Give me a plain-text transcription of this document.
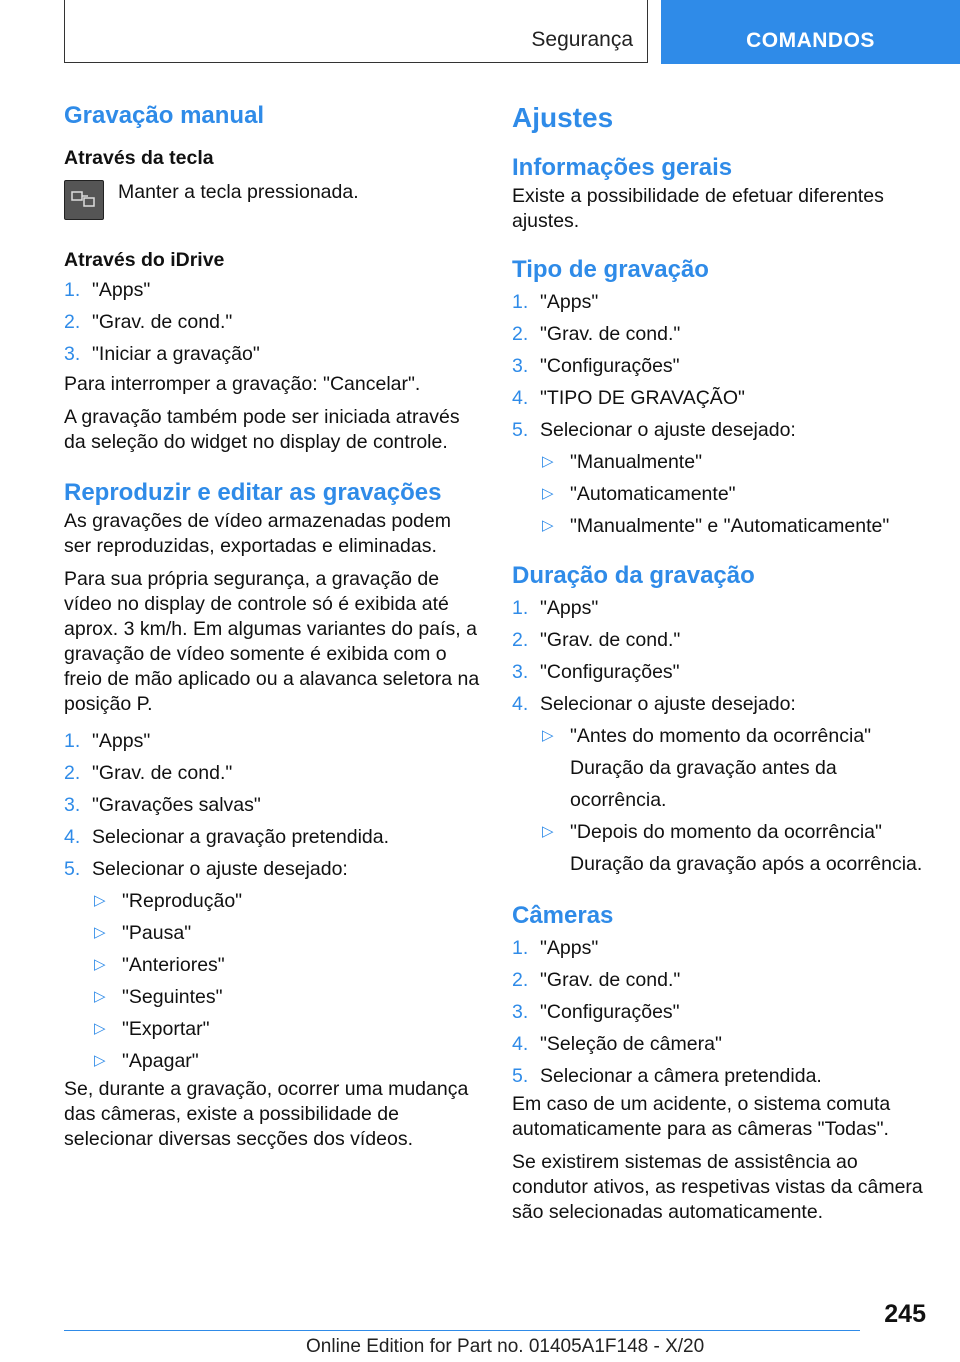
Segurança	COMANDOS
Gravação manual
Através da tecla
Manter a tecla pressionada.
Através do iDrive
1. "Apps"
2. "Grav. de cond."
3. "Iniciar a gravação"

Para interromper a gravação: "Cancelar".

A gravação também pode ser iniciada através da seleção do widget no display de controle.

Reproduzir e editar as gravações

As gravações de vídeo armazenadas podem ser reproduzidas, exportadas e eliminadas.

Para sua própria segurança, a gravação de vídeo no display de controle só é exibida até aprox. 3 km/h. Em algumas variantes do país, a gravação de vídeo somente é exibida com o freio de mão aplicado ou a alavanca seletora na posição P.

1. "Apps"
2. "Grav. de cond."
3. "Gravações salvas"
4. Selecionar a gravação pretendida.
5. Selecionar o ajuste desejado:
▷ "Reprodução"
▷ "Pausa"
▷ "Anteriores"
▷ "Seguintes"
▷ "Exportar"
▷ "Apagar"

Se, durante a gravação, ocorrer uma mudança das câmeras, existe a possibilidade de selecionar diversas secções dos vídeos.

Ajustes
Informações gerais

Existe a possibilidade de efetuar diferentes ajustes.

Tipo de gravação
1. "Apps"
2. "Grav. de cond."
3. "Configurações"
4. "TIPO DE GRAVAÇÃO"
5. Selecionar o ajuste desejado:
▷ "Manualmente"
▷ "Automaticamente"
▷ "Manualmente" e "Automaticamente"
Duração da gravação
1. "Apps"
2. "Grav. de cond."
3. "Configurações"
4. Selecionar o ajuste desejado:
▷ "Antes do momento da ocorrência"
Duração da gravação antes da ocorrência.
▷ "Depois do momento da ocorrência"
Duração da gravação após a ocorrência.
Câmeras
1. "Apps"
2. "Grav. de cond."
3. "Configurações"
4. "Seleção de câmera"
5. Selecionar a câmera pretendida.

Em caso de um acidente, o sistema comuta automaticamente para as câmeras "Todas".

Se existirem sistemas de assistência ao condutor ativos, as respetivas vistas da câmera são selecionadas automaticamente.

245
Online Edition for Part no. 01405A1F148 - X/20
